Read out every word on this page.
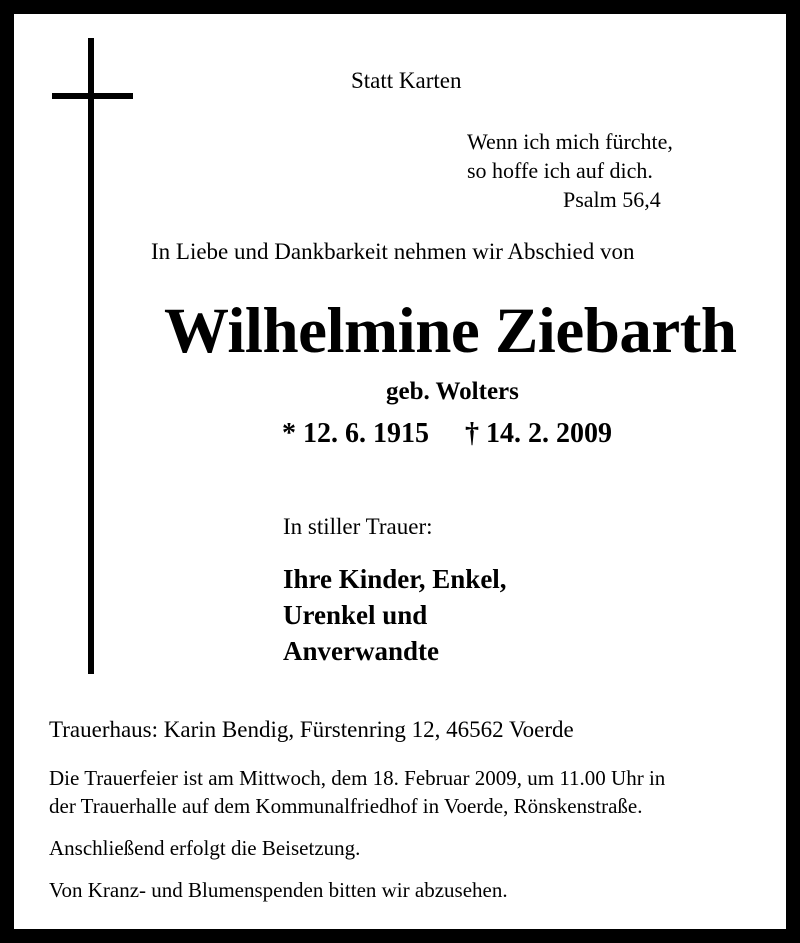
Statt Karten
Wenn ich mich fürchte,
so hoffe ich auf dich.
Psalm 56,4
In Liebe und Dankbarkeit nehmen wir Abschied von
Wilhelmine Ziebarth
geb. Wolters
* 12. 6. 1915 † 14. 2. 2009
In stiller Trauer:
Ihre Kinder, Enkel,
Urenkel und
Anverwandte
Trauerhaus: Karin Bendig, Fürstenring 12, 46562 Voerde
Die Trauerfeier ist am Mittwoch, dem 18. Februar 2009, um 11.00 Uhr in
der Trauerhalle auf dem Kommunalfriedhof in Voerde, Rönskenstraße.
Anschließend erfolgt die Beisetzung.
Von Kranz- und Blumenspenden bitten wir abzusehen.
